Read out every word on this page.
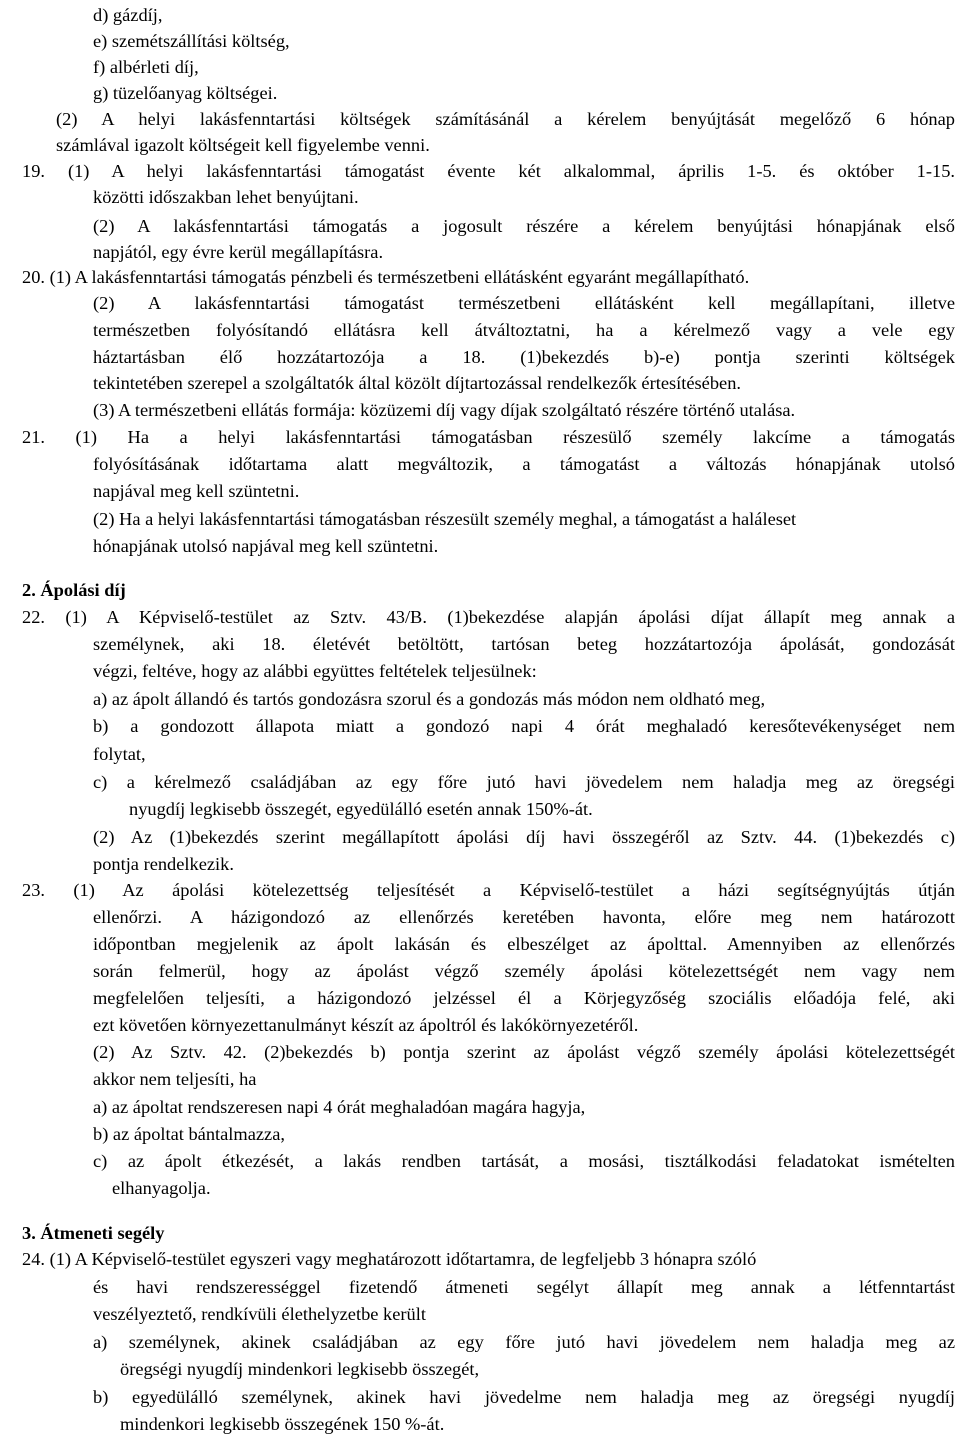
d) gázdíj,
e) szemétszállítási költség,
f) albérleti díj,
g) tüzelőanyag költségei.
(2) A helyi lakásfenntartási költségek számításánál a kérelem benyújtását megelőző 6 hónap
számlával igazolt költségeit kell figyelembe venni.
19. (1) A helyi lakásfenntartási támogatást évente két alkalommal, április 1-5. és október 1-15.
közötti időszakban lehet benyújtani.
(2) A lakásfenntartási támogatás a jogosult részére a kérelem benyújtási hónapjának első
napjától, egy évre kerül megállapításra.
20. (1) A lakásfenntartási támogatás pénzbeli és természetbeni ellátásként egyaránt megállapítható.
(2) A lakásfenntartási támogatást természetbeni ellátásként kell megállapítani, illetve
természetben folyósítandó ellátásra kell átváltoztatni, ha a kérelmező vagy a vele egy
háztartásban élő hozzátartozója a 18. (1)bekezdés b)-e) pontja szerinti költségek
tekintetében szerepel a szolgáltatók által közölt díjtartozással rendelkezők értesítésében.
(3) A természetbeni ellátás formája: közüzemi díj vagy díjak szolgáltató részére történő utalása.
21. (1) Ha a helyi lakásfenntartási támogatásban részesülő személy lakcíme a támogatás
folyósításának időtartama alatt megváltozik, a támogatást a változás hónapjának utolsó
napjával meg kell szüntetni.
(2) Ha a helyi lakásfenntartási támogatásban részesült személy meghal, a támogatást a haláleset
hónapjának utolsó napjával meg kell szüntetni.
2. Ápolási díj
22. (1) A Képviselő-testület az Sztv. 43/B. (1)bekezdése alapján ápolási díjat állapít meg annak a
személynek, aki 18. életévét betöltött, tartósan beteg hozzátartozója ápolását, gondozását
végzi, feltéve, hogy az alábbi együttes feltételek teljesülnek:
a) az ápolt állandó és tartós gondozásra szorul és a gondozás más módon nem oldható meg,
b) a gondozott állapota miatt a gondozó napi 4 órát meghaladó keresőtevékenységet nem
folytat,
c) a kérelmező családjában az egy főre jutó havi jövedelem nem haladja meg az öregségi
nyugdíj legkisebb összegét, egyedülálló esetén annak 150%-át.
(2) Az (1)bekezdés szerint megállapított ápolási díj havi összegéről az Sztv. 44. (1)bekezdés c)
pontja rendelkezik.
23. (1) Az ápolási kötelezettség teljesítését a Képviselő-testület a házi segítségnyújtás útján
ellenőrzi. A házigondozó az ellenőrzés keretében havonta, előre meg nem határozott
időpontban megjelenik az ápolt lakásán és elbeszélget az ápolttal. Amennyiben az ellenőrzés
során felmerül, hogy az ápolást végző személy ápolási kötelezettségét nem vagy nem
megfelelően teljesíti, a házigondozó jelzéssel él a Körjegyzőség szociális előadója felé, aki
ezt követően környezettanulmányt készít az ápoltról és lakókörnyezetéről.
(2) Az Sztv. 42. (2)bekezdés b) pontja szerint az ápolást végző személy ápolási kötelezettségét
akkor nem teljesíti, ha
a) az ápoltat rendszeresen napi 4 órát meghaladóan magára hagyja,
b) az ápoltat bántalmazza,
c) az ápolt étkezését, a lakás rendben tartását, a mosási, tisztálkodási feladatokat ismételten
elhanyagolja.
3. Átmeneti segély
24. (1) A Képviselő-testület egyszeri vagy meghatározott időtartamra, de legfeljebb 3 hónapra szóló
és havi rendszerességgel fizetendő átmeneti segélyt állapít meg annak a létfenntartást
veszélyeztető, rendkívüli élethelyzetbe került
a) személynek, akinek családjában az egy főre jutó havi jövedelem nem haladja meg az
öregségi nyugdíj mindenkori legkisebb összegét,
b) egyedülálló személynek, akinek havi jövedelme nem haladja meg az öregségi nyugdíj
mindenkori legkisebb összegének 150 %-át.
